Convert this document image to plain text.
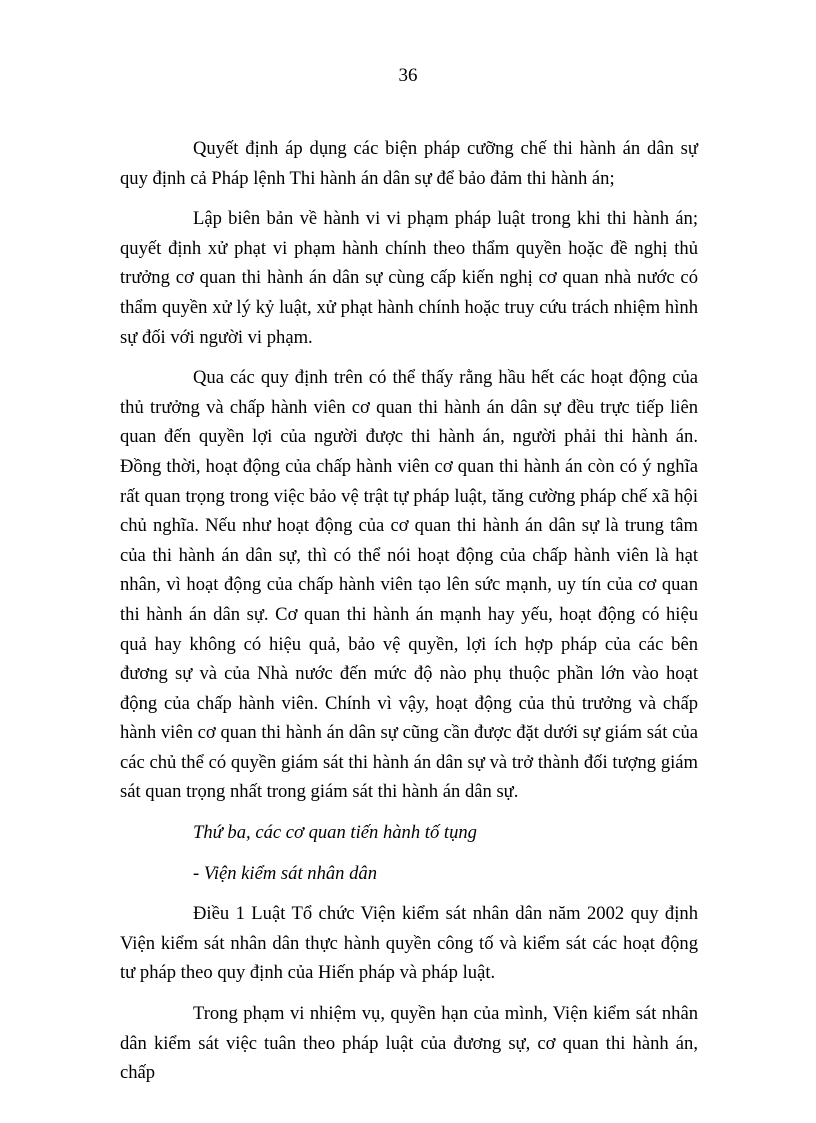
36

Quyết định áp dụng các biện pháp cưỡng chế thi hành án dân sự quy định cả Pháp lệnh Thi hành án dân sự để bảo đảm thi hành án;

Lập biên bản về hành vi vi phạm pháp luật trong khi thi hành án; quyết định xử phạt vi phạm hành chính theo thẩm quyền hoặc đề nghị thủ trưởng cơ quan thi hành án dân sự cùng cấp kiến nghị cơ quan nhà nước có thẩm quyền xử lý kỷ luật, xử phạt hành chính hoặc truy cứu trách nhiệm hình sự đối với người vi phạm.

Qua các quy định trên có thể thấy rằng hầu hết các hoạt động của thủ trưởng và chấp hành viên cơ quan thi hành án dân sự đều trực tiếp liên quan đến quyền lợi của người được thi hành án, người phải thi hành án. Đồng thời, hoạt động của chấp hành viên cơ quan thi hành án còn có ý nghĩa rất quan trọng trong việc bảo vệ trật tự pháp luật, tăng cường pháp chế xã hội chủ nghĩa. Nếu như hoạt động của cơ quan thi hành án dân sự là trung tâm của thi hành án dân sự, thì có thể nói hoạt động của chấp hành viên là hạt nhân, vì hoạt động của chấp hành viên tạo lên sức mạnh, uy tín của cơ quan thi hành án dân sự. Cơ quan thi hành án mạnh hay yếu, hoạt động có hiệu quả hay không có hiệu quả, bảo vệ quyền, lợi ích hợp pháp của các bên đương sự và của Nhà nước đến mức độ nào phụ thuộc phần lớn vào hoạt động của chấp hành viên. Chính vì vậy, hoạt động của thủ trưởng và chấp hành viên cơ quan thi hành án dân sự cũng cần được đặt dưới sự giám sát của các chủ thể có quyền giám sát thi hành án dân sự và trở thành đối tượng giám sát quan trọng nhất trong giám sát thi hành án dân sự.

Thứ ba, các cơ quan tiến hành tố tụng

- Viện kiểm sát nhân dân

Điều 1 Luật Tổ chức Viện kiểm sát nhân dân năm 2002 quy định Viện kiểm sát nhân dân thực hành quyền công tố và kiểm sát các hoạt động tư pháp theo quy định của Hiến pháp và pháp luật.

Trong phạm vi nhiệm vụ, quyền hạn của mình, Viện kiểm sát nhân dân kiểm sát việc tuân theo pháp luật của đương sự, cơ quan thi hành án, chấp
